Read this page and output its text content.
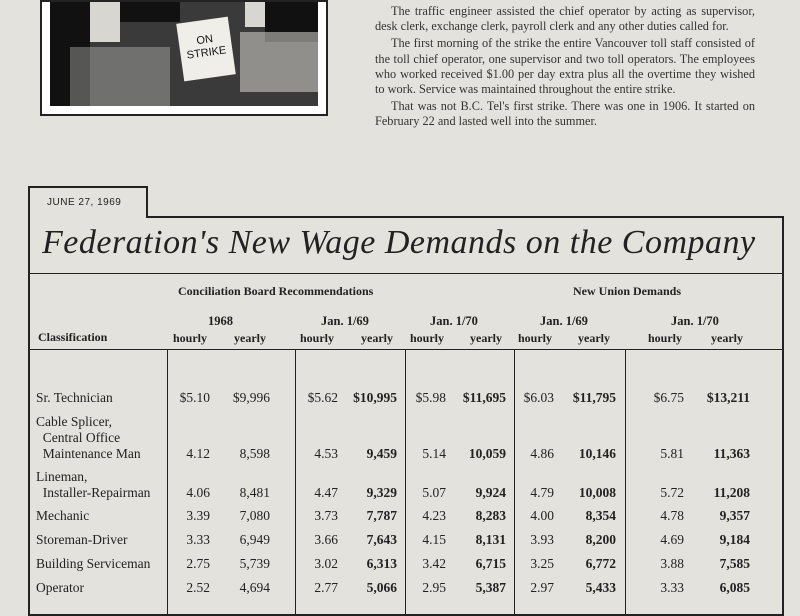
ON
STRIKE

The traffic engineer assisted the chief operator by acting as supervisor, desk clerk, exchange clerk, payroll clerk and any other duties called for.

The first morning of the strike the entire Vancouver toll staff consisted of the toll chief operator, one supervisor and two toll operators. The employees who worked received $1.00 per day extra plus all the overtime they wished to work. Service was maintained throughout the entire strike.

That was not B.C. Tel's first strike. There was one in 1906. It started on February 22 and lasted well into the summer.

JUNE 27, 1969
Federation's New Wage Demands on the Company
Conciliation Board Recommendations	New Union Demands
1968	Jan. 1/69	Jan. 1/70	Jan. 1/69	Jan. 1/70
Classification	hourly yearly	hourly yearly hourly yearly hourly yearly	hourly yearly
Sr. Technician	$5.10	$9,996	$5.62	$10,995	$5.98	$11,695	$6.03	$11,795	$6.75	$13,211
Cable Splicer,
Central Office
Maintenance Man	4.12	8,598	4.53	9,459	5.14	10,059	4.86	10,146	5.81	11,363
Lineman,
Installer-Repairman	4.06	8,481	4.47	9,329	5.07	9,924	4.79	10,008	5.72	11,208
Mechanic	3.39	7,080	3.73	7,787	4.23	8,283	4.00	8,354	4.78	9,357
Storeman-Driver	3.33	6,949	3.66	7,643	4.15	8,131	3.93	8,200	4.69	9,184
Building Serviceman	2.75	5,739	3.02	6,313	3.42	6,715	3.25	6,772	3.88	7,585
Operator	2.52	4,694	2.77	5,066	2.95	5,387	2.97	5,433	3.33	6,085
